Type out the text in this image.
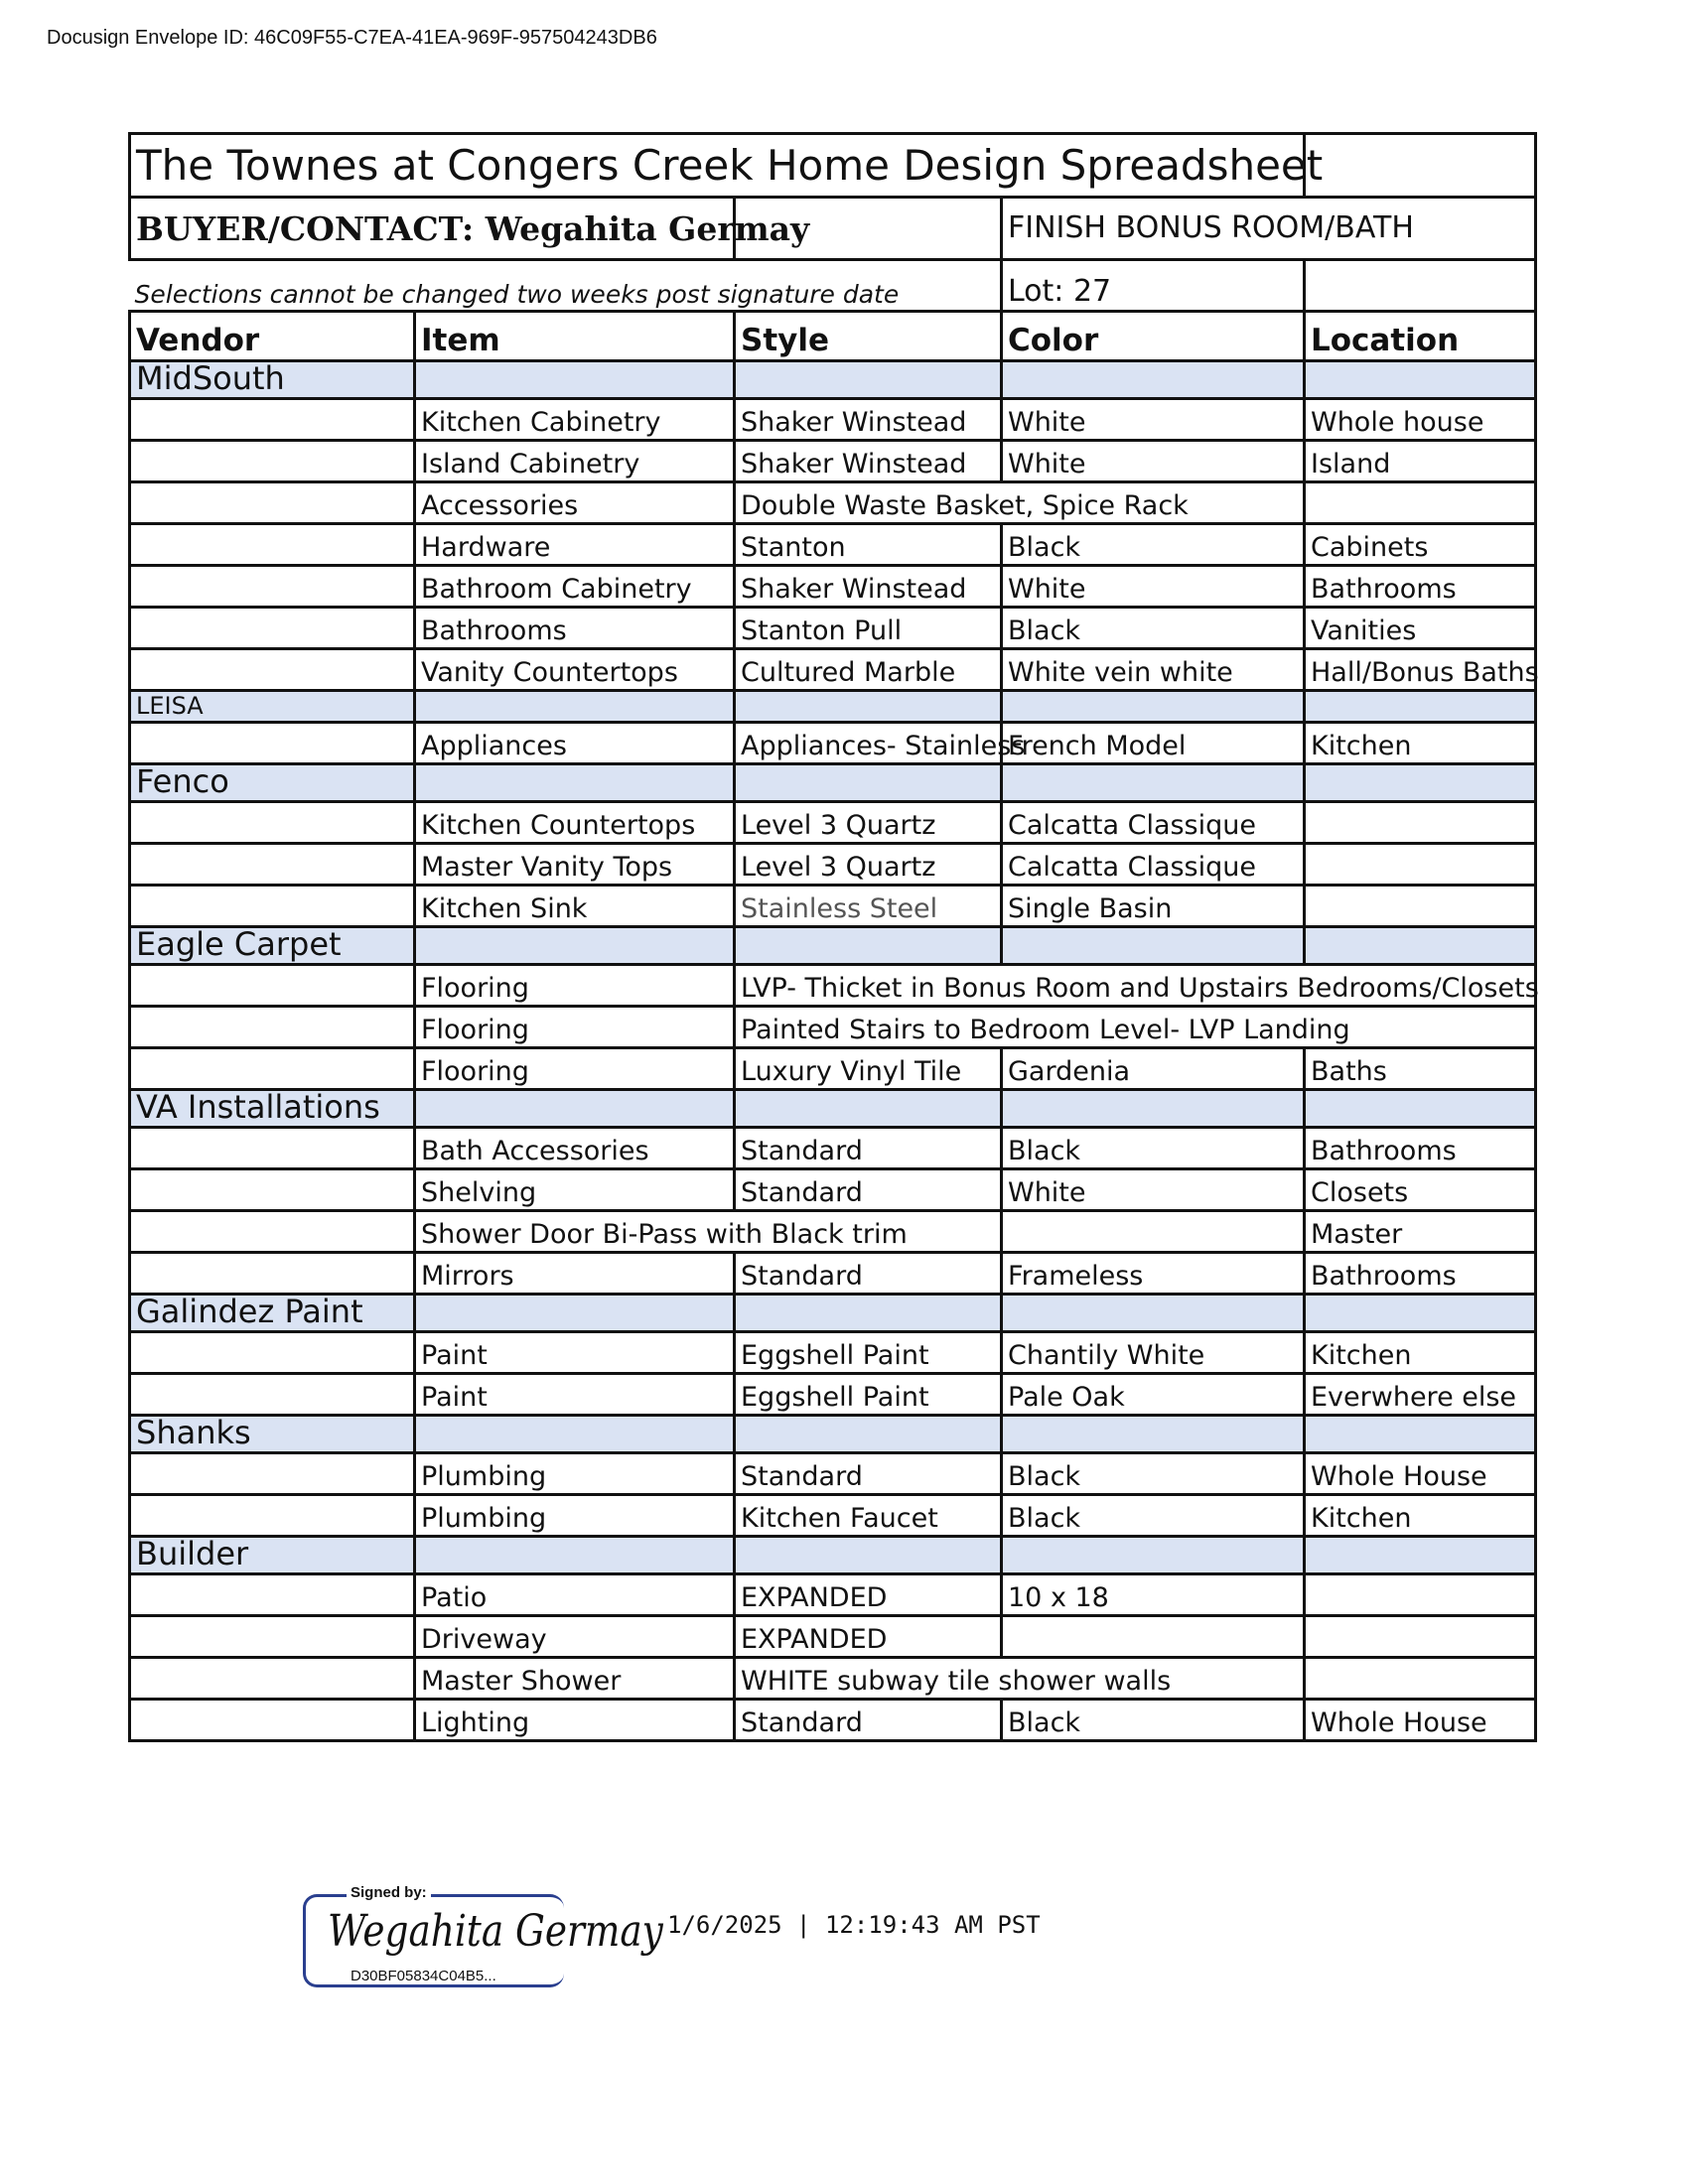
Docusign Envelope ID: 46C09F55-C7EA-41EA-969F-957504243DB6
The Townes at Congers Creek Home Design Spreadsheet				
BUYER/CONTACT: Wegahita Germay			FINISH BONUS ROOM/BATH	
Selections cannot be changed two weeks post signature date			Lot: 27	
Vendor	Item	Style	Color	Location
MidSouth				
	Kitchen Cabinetry	Shaker Winstead	White	Whole house
	Island Cabinetry	Shaker Winstead	White	Island
	Accessories	Double Waste Basket, Spice Rack		
	Hardware	Stanton	Black	Cabinets
	Bathroom Cabinetry	Shaker Winstead	White	Bathrooms
	Bathrooms	Stanton Pull	Black	Vanities
	Vanity Countertops	Cultured Marble	White vein white	Hall/Bonus Baths
LEISA				
	Appliances	Appliances- Stainless	French Model	Kitchen
Fenco				
	Kitchen Countertops	Level 3 Quartz	Calcatta Classique	
	Master Vanity Tops	Level 3 Quartz	Calcatta Classique	
	Kitchen Sink	Stainless Steel	Single Basin	
Eagle Carpet				
	Flooring	LVP- Thicket in Bonus Room and Upstairs Bedrooms/Closets		
	Flooring	Painted Stairs to Bedroom Level- LVP Landing		
	Flooring	Luxury Vinyl Tile	Gardenia	Baths
VA Installations				
	Bath Accessories	Standard	Black	Bathrooms
	Shelving	Standard	White	Closets
	Shower Door Bi-Pass with Black trim			Master
	Mirrors	Standard	Frameless	Bathrooms
Galindez Paint				
	Paint	Eggshell Paint	Chantily White	Kitchen
	Paint	Eggshell Paint	Pale Oak	Everwhere else
Shanks				
	Plumbing	Standard	Black	Whole House
	Plumbing	Kitchen Faucet	Black	Kitchen
Builder				
	Patio	EXPANDED	10 x 18	
	Driveway	EXPANDED		
	Master Shower	WHITE subway tile shower walls		
	Lighting	Standard	Black	Whole House
Signed by:
Wegahita Germay
D30BF05834C04B5...
1/6/2025 | 12:19:43 AM PST
